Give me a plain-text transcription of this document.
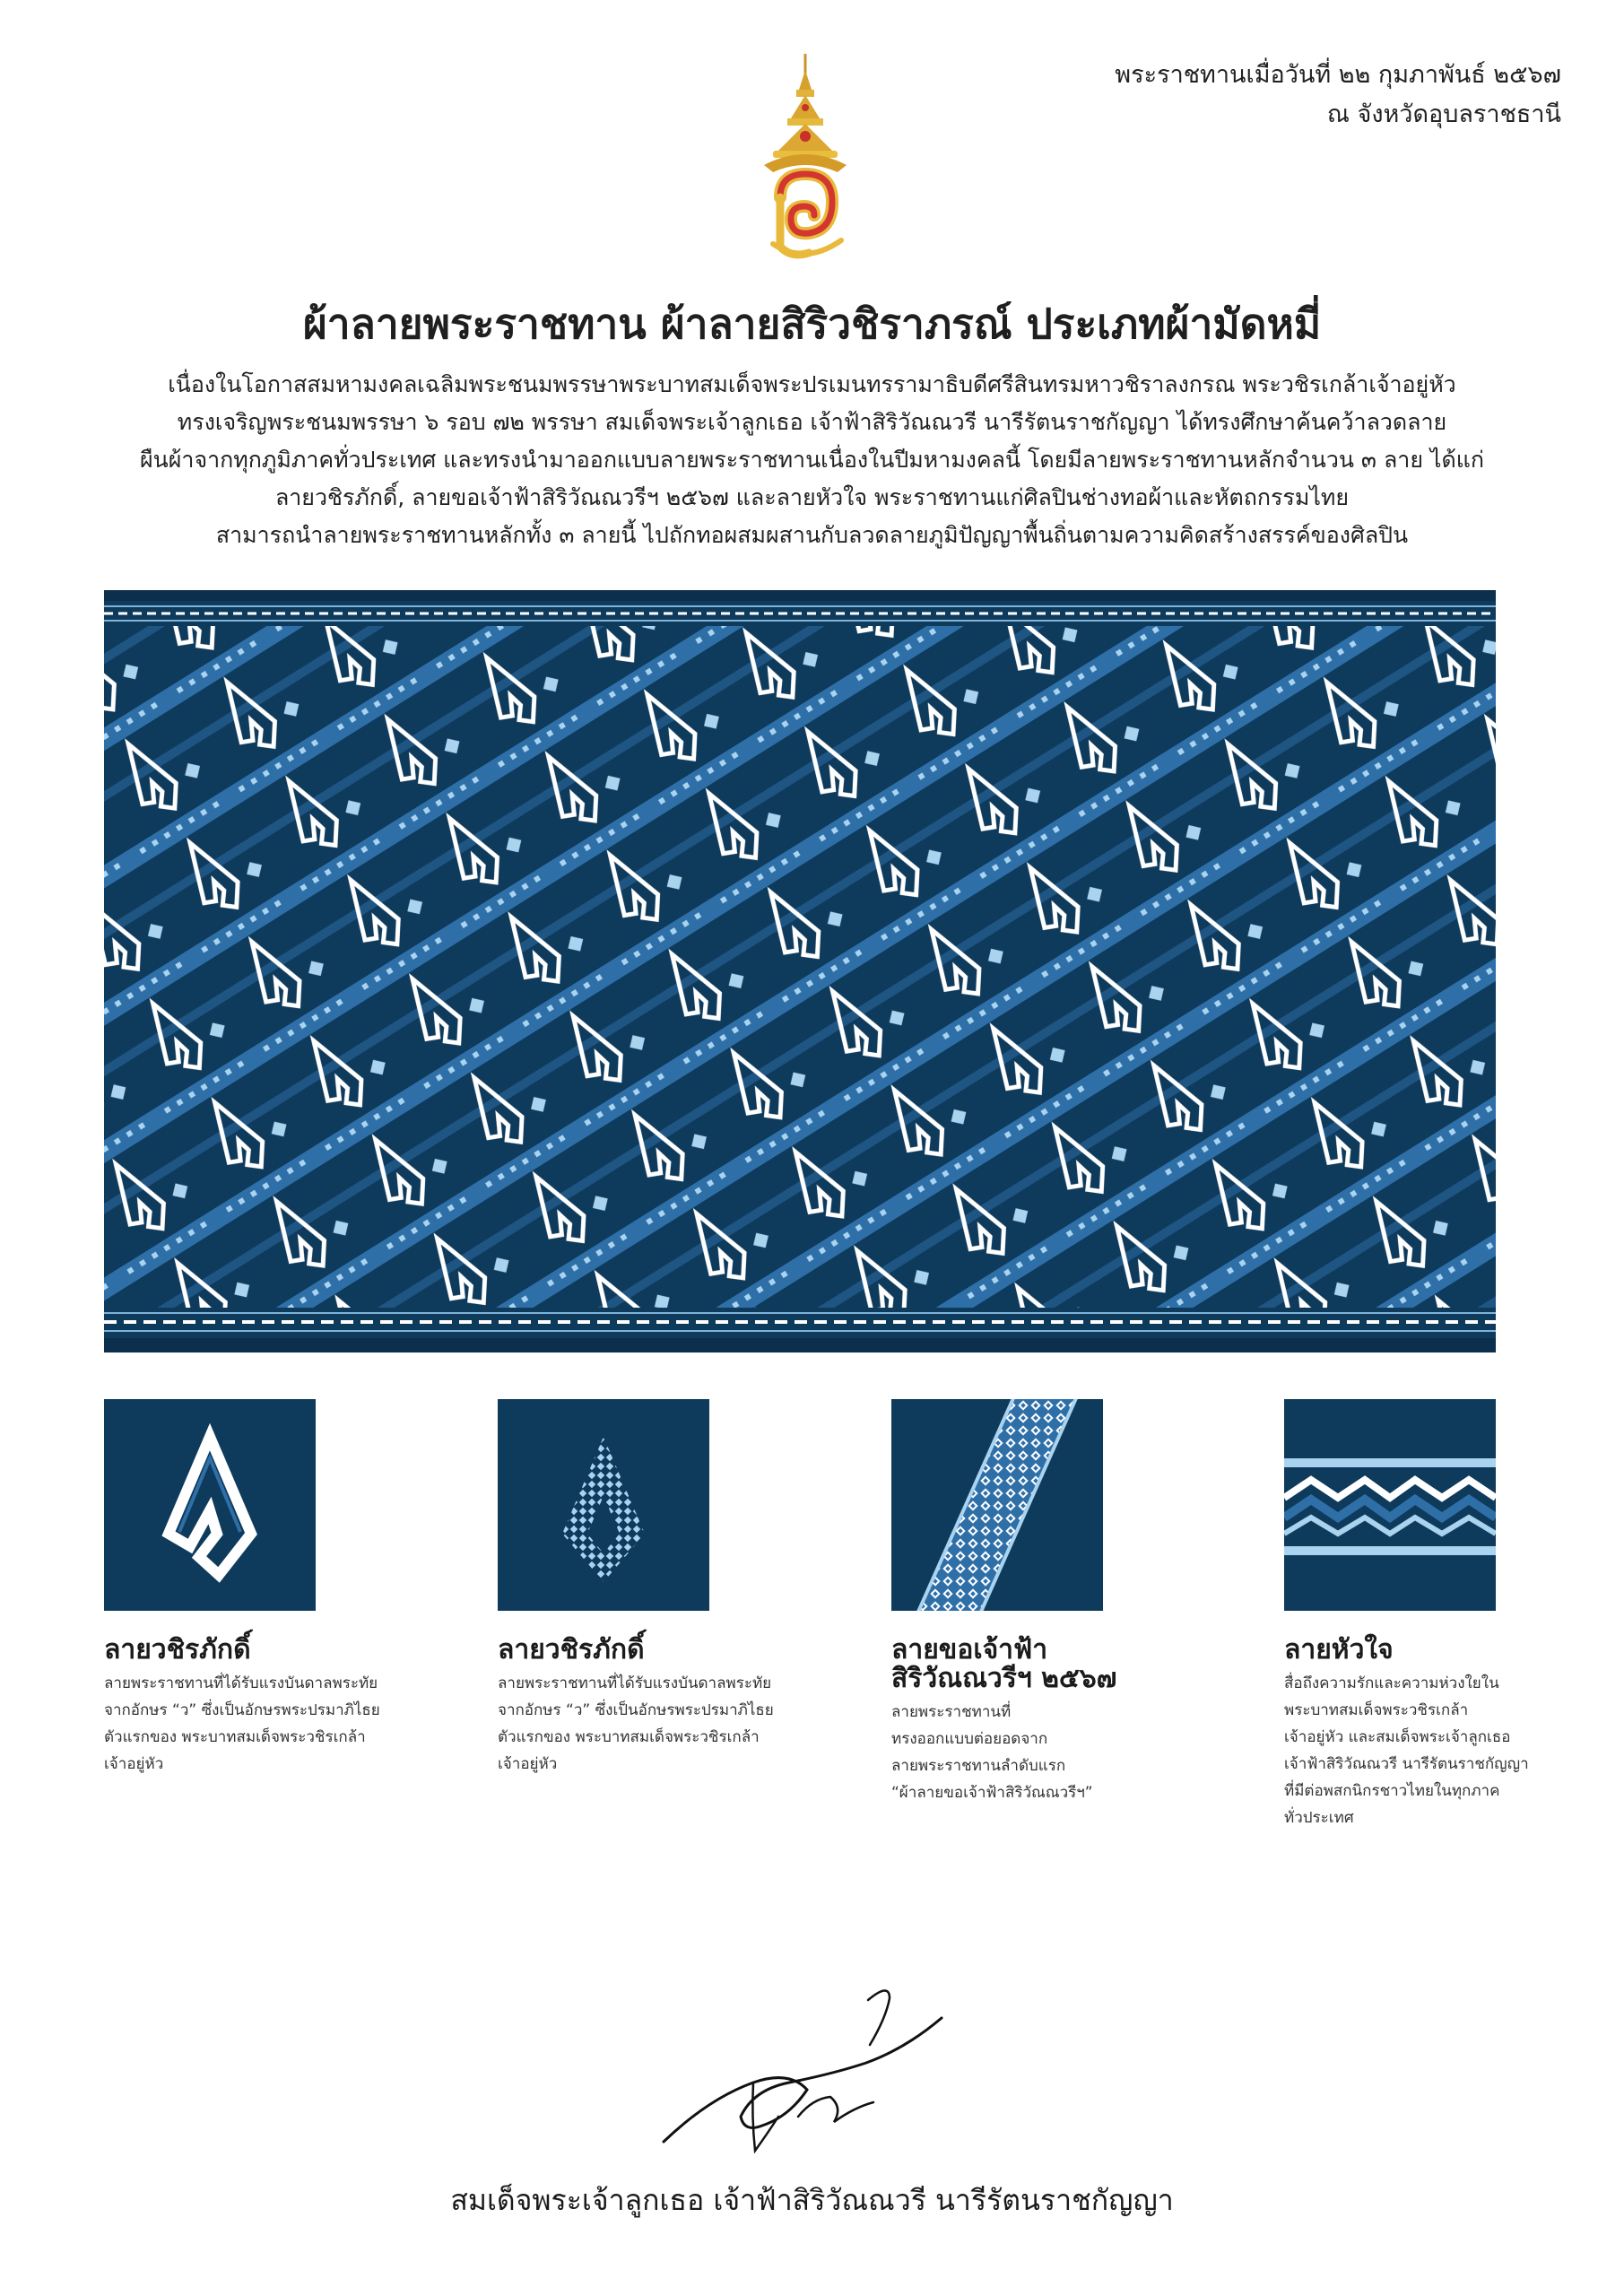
พระราชทานเมื่อวันที่ ๒๒ กุมภาพันธ์ ๒๕๖๗
ณ จังหวัดอุบลราชธานี
ผ้าลายพระราชทาน ผ้าลายสิริวชิราภรณ์ ประเภทผ้ามัดหมี่
เนื่องในโอกาสสมหามงคลเฉลิมพระชนมพรรษาพระบาทสมเด็จพระปรเมนทรรามาธิบดีศรีสินทรมหาวชิราลงกรณ พระวชิรเกล้าเจ้าอยู่หัว
ทรงเจริญพระชนมพรรษา ๖ รอบ ๗๒ พรรษา สมเด็จพระเจ้าลูกเธอ เจ้าฟ้าสิริวัณณวรี นารีรัตนราชกัญญา ได้ทรงศึกษาค้นคว้าลวดลาย
ผืนผ้าจากทุกภูมิภาคทั่วประเทศ และทรงนำมาออกแบบลายพระราชทานเนื่องในปีมหามงคลนี้ โดยมีลายพระราชทานหลักจำนวน ๓ ลาย ได้แก่
ลายวชิรภักดิ์, ลายขอเจ้าฟ้าสิริวัณณวรีฯ ๒๕๖๗ และลายหัวใจ พระราชทานแก่ศิลปินช่างทอผ้าและหัตถกรรมไทย
สามารถนำลายพระราชทานหลักทั้ง ๓ ลายนี้ ไปถักทอผสมผสานกับลวดลายภูมิปัญญาพื้นถิ่นตามความคิดสร้างสรรค์ของศิลปิน
ลายวชิรภักดิ์
ลายพระราชทานที่ได้รับแรงบันดาลพระทัย
จากอักษร “ว” ซึ่งเป็นอักษรพระปรมาภิไธย
ตัวแรกของ พระบาทสมเด็จพระวชิรเกล้า
เจ้าอยู่หัว
ลายวชิรภักดิ์
ลายพระราชทานที่ได้รับแรงบันดาลพระทัย
จากอักษร “ว” ซึ่งเป็นอักษรพระปรมาภิไธย
ตัวแรกของ พระบาทสมเด็จพระวชิรเกล้า
เจ้าอยู่หัว
ลายขอเจ้าฟ้า
สิริวัณณวรีฯ ๒๕๖๗
ลายพระราชทานที่
ทรงออกแบบต่อยอดจาก
ลายพระราชทานลำดับแรก
“ผ้าลายขอเจ้าฟ้าสิริวัณณวรีฯ”
ลายหัวใจ
สื่อถึงความรักและความห่วงใยใน
พระบาทสมเด็จพระวชิรเกล้า
เจ้าอยู่หัว และสมเด็จพระเจ้าลูกเธอ
เจ้าฟ้าสิริวัณณวรี นารีรัตนราชกัญญา
ที่มีต่อพสกนิกรชาวไทยในทุกภาค
ทั่วประเทศ
สมเด็จพระเจ้าลูกเธอ เจ้าฟ้าสิริวัณณวรี นารีรัตนราชกัญญา
